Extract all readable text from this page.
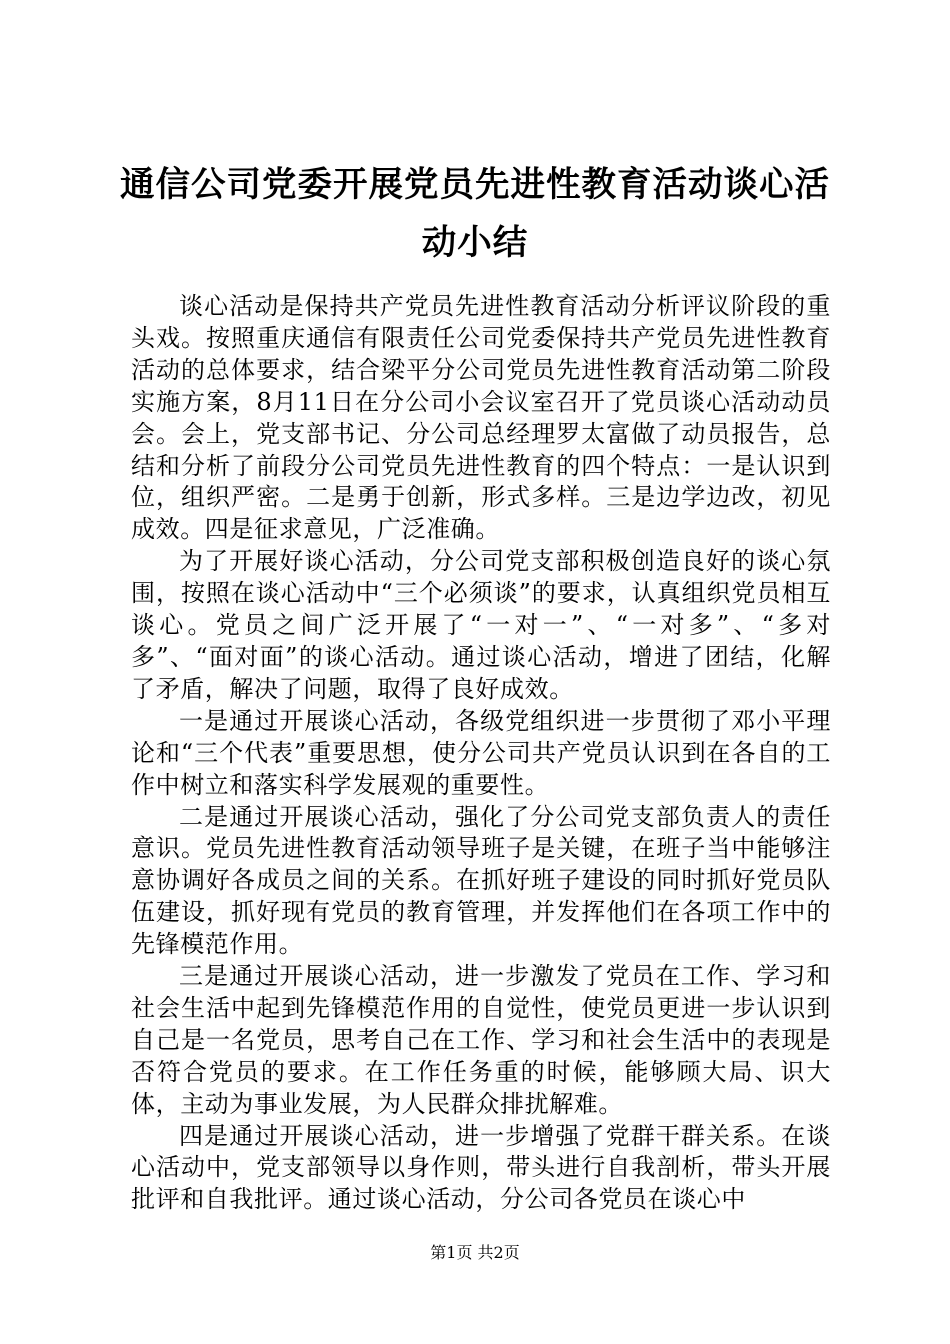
通信公司党委开展党员先进性教育活动谈心活动小结

谈心活动是保持共产党员先进性教育活动分析评议阶段的重头戏。按照重庆通信有限责任公司党委保持共产党员先进性教育活动的总体要求，结合梁平分公司党员先进性教育活动第二阶段实施方案，8月11日在分公司小会议室召开了党员谈心活动动员会。会上，党支部书记、分公司总经理罗太富做了动员报告，总结和分析了前段分公司党员先进性教育的四个特点：一是认识到位，组织严密。二是勇于创新，形式多样。三是边学边改，初见成效。四是征求意见，广泛准确。

为了开展好谈心活动，分公司党支部积极创造良好的谈心氛围，按照在谈心活动中“三个必须谈”的要求，认真组织党员相互谈心。党员之间广泛开展了“一对一”、“一对多”、“多对多”、“面对面”的谈心活动。通过谈心活动，增进了团结，化解了矛盾，解决了问题，取得了良好成效。

一是通过开展谈心活动，各级党组织进一步贯彻了邓小平理论和“三个代表”重要思想，使分公司共产党员认识到在各自的工作中树立和落实科学发展观的重要性。

二是通过开展谈心活动，强化了分公司党支部负责人的责任意识。党员先进性教育活动领导班子是关键，在班子当中能够注意协调好各成员之间的关系。在抓好班子建设的同时抓好党员队伍建设，抓好现有党员的教育管理，并发挥他们在各项工作中的先锋模范作用。

三是通过开展谈心活动，进一步激发了党员在工作、学习和社会生活中起到先锋模范作用的自觉性，使党员更进一步认识到自己是一名党员，思考自己在工作、学习和社会生活中的表现是否符合党员的要求。在工作任务重的时候，能够顾大局、识大体，主动为事业发展，为人民群众排扰解难。

四是通过开展谈心活动，进一步增强了党群干群关系。在谈心活动中，党支部领导以身作则，带头进行自我剖析，带头开展批评和自我批评。通过谈心活动，分公司各党员在谈心中

第1页 共2页
